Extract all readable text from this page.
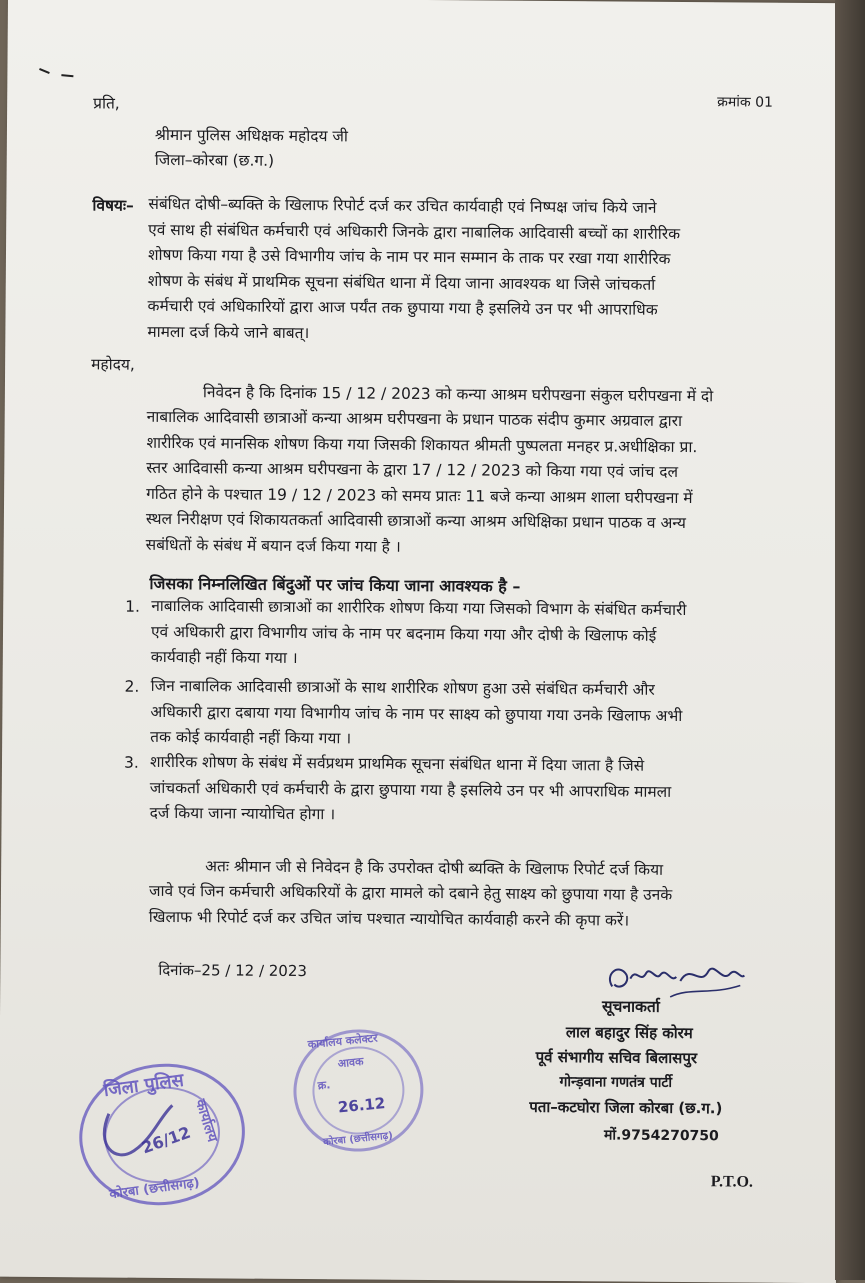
क्रमांक 01
प्रति,
श्रीमान पुलिस अधिक्षक महोदय जी
जिला–कोरबा (छ.ग.)
विषयः– संबंधित दोषी–ब्यक्ति के खिलाफ रिपोर्ट दर्ज कर उचित कार्यवाही एवं निष्पक्ष जांच किये जाने
एवं साथ ही संबंधित कर्मचारी एवं अधिकारी जिनके द्वारा नाबालिक आदिवासी बच्चों का शारीरिक
शोषण किया गया है उसे विभागीय जांच के नाम पर मान सम्मान के ताक पर रखा गया शारीरिक
शोषण के संबंध में प्राथमिक सूचना संबंधित थाना में दिया जाना आवश्यक था जिसे जांचकर्ता
कर्मचारी एवं अधिकारियों द्वारा आज पर्यंत तक छुपाया गया है इसलिये उन पर भी आपराधिक
मामला दर्ज किये जाने बाबत्।
महोदय,
निवेदन है कि दिनांक 15 / 12 / 2023 को कन्या आश्रम घरीपखना संकुल घरीपखना में दो
नाबालिक आदिवासी छात्राओं कन्या आश्रम घरीपखना के प्रधान पाठक संदीप कुमार अग्रवाल द्वारा
शारीरिक एवं मानसिक शोषण किया गया जिसकी शिकायत श्रीमती पुष्पलता मनहर प्र.अधीक्षिका प्रा.
स्तर आदिवासी कन्या आश्रम घरीपखना के द्वारा 17 / 12 / 2023 को किया गया एवं जांच दल
गठित होने के पश्चात 19 / 12 / 2023 को समय प्रातः 11 बजे कन्या आश्रम शाला घरीपखना में
स्थल निरीक्षण एवं शिकायतकर्ता आदिवासी छात्राओं कन्या आश्रम अधिक्षिका प्रधान पाठक व अन्य
सबंधितों के संबंध में बयान दर्ज किया गया है ।
जिसका निम्नलिखित बिंदुओं पर जांच किया जाना आवश्यक है –
1. नाबालिक आदिवासी छात्राओं का शारीरिक शोषण किया गया जिसको विभाग के संबंधित कर्मचारी
एवं अधिकारी द्वारा विभागीय जांच के नाम पर बदनाम किया गया और दोषी के खिलाफ कोई
कार्यवाही नहीं किया गया ।
2. जिन नाबालिक आदिवासी छात्राओं के साथ शारीरिक शोषण हुआ उसे संबंधित कर्मचारी और
अधिकारी द्वारा दबाया गया विभागीय जांच के नाम पर साक्ष्य को छुपाया गया उनके खिलाफ अभी
तक कोई कार्यवाही नहीं किया गया ।
3. शारीरिक शोषण के संबंध में सर्वप्रथम प्राथमिक सूचना संबंधित थाना में दिया जाता है जिसे
जांचकर्ता अधिकारी एवं कर्मचारी के द्वारा छुपाया गया है इसलिये उन पर भी आपराधिक मामला
दर्ज किया जाना न्यायोचित होगा ।
अतः श्रीमान जी से निवेदन है कि उपरोक्त दोषी ब्यक्ति के खिलाफ रिपोर्ट दर्ज किया
जावे एवं जिन कर्मचारी अधिकरियों के द्वारा मामले को दबाने हेतु साक्ष्य को छुपाया गया है उनके
खिलाफ भी रिपोर्ट दर्ज कर उचित जांच पश्चात न्यायोचित कार्यवाही करने की कृपा करें।
दिनांक–25 / 12 / 2023
सूचनाकर्ता
लाल बहादुर सिंह कोरम
पूर्व संभागीय सचिव बिलासपुर
गोन्ड़वाना गणतंत्र पार्टी
पता–कटघोरा जिला कोरबा (छ.ग.)
मों.9754270750
P.T.O.
जिला पुलिस
कार्यालय
कोरबा (छत्तीसगढ़)
26/12
कार्यालय कलेक्टर
आवक
क्र.
26.12
कोरबा (छत्तीसगढ़)
